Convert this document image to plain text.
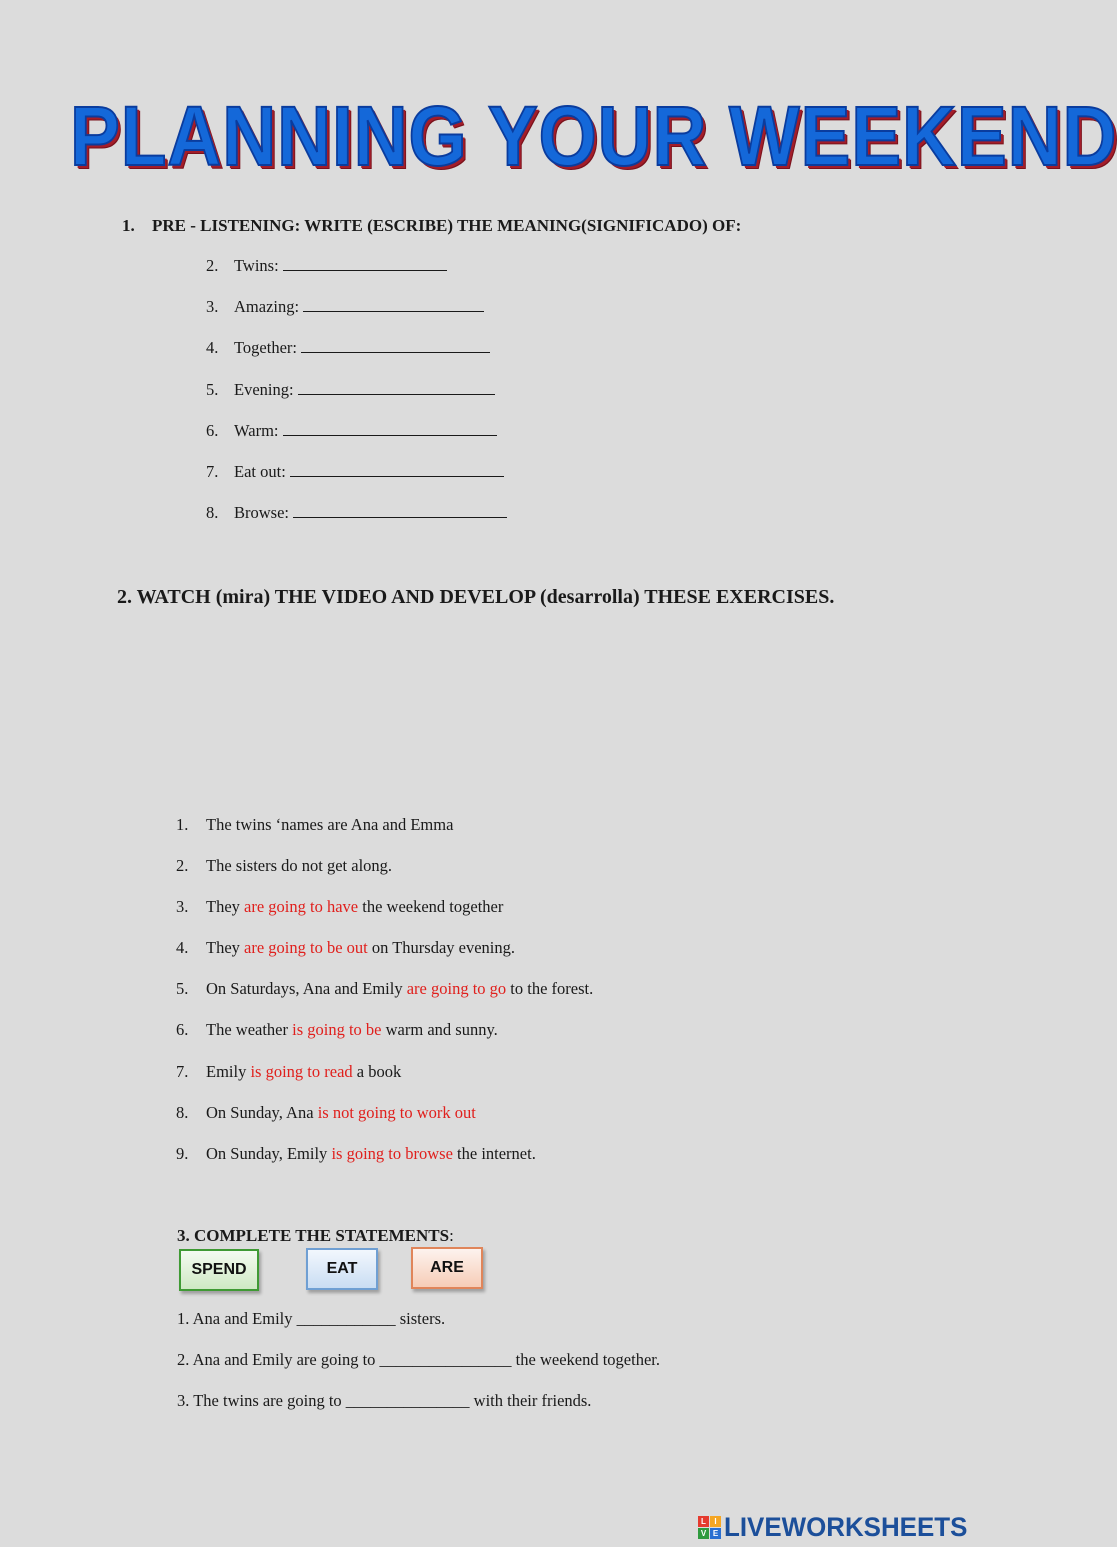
PLANNING YOUR WEEKEND
1. PRE - LISTENING: WRITE (ESCRIBE) THE MEANING(SIGNIFICADO) OF:
2. Twins:
3. Amazing:
4. Together:
5. Evening:
6. Warm:
7. Eat out:
8. Browse:
2. WATCH (mira) THE VIDEO AND DEVELOP (desarrolla) THESE EXERCISES.
1. The twins ‘names are Ana and Emma
2. The sisters do not get along.
3. They are going to have the weekend together
4. They are going to be out on Thursday evening.
5. On Saturdays, Ana and Emily are going to go to the forest.
6. The weather is going to be warm and sunny.
7. Emily is going to read a book
8. On Sunday, Ana is not going to work out
9. On Sunday, Emily is going to browse the internet.
3. COMPLETE THE STATEMENTS:
SPEND	EAT	ARE
1. Ana and Emily ____________ sisters.
2. Ana and Emily are going to ________________ the weekend together.
3. The twins are going to _______________ with their friends.
L	I
V E LIVEWORKSHEETS
